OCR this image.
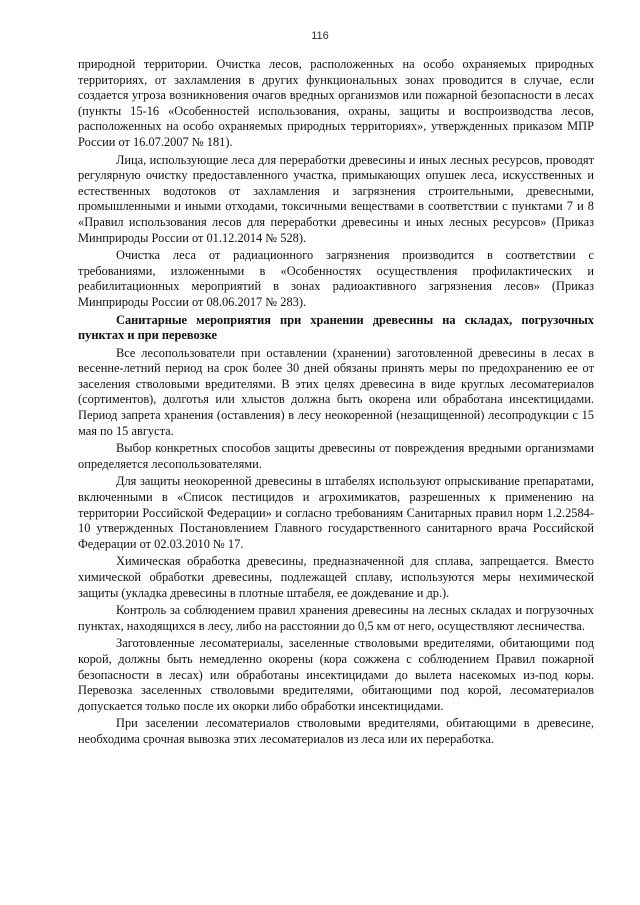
116

природной территории. Очистка лесов, расположенных на особо охраняемых природных территориях, от захламления в других функциональных зонах проводится в случае, если создается угроза возникновения очагов вредных организмов или пожарной безопасности в лесах (пункты 15-16 «Особенностей использования, охраны, защиты и воспроизводства лесов, расположенных на особо охраняемых природных территориях», утвержденных приказом МПР России от 16.07.2007 № 181).

Лица, использующие леса для переработки древесины и иных лесных ресурсов, проводят регулярную очистку предоставленного участка, примыкающих опушек леса, искусственных и естественных водотоков от захламления и загрязнения строительными, древесными, промышленными и иными отходами, токсичными веществами в соответствии с пунктами 7 и 8 «Правил использования лесов для переработки древесины и иных лесных ресурсов» (Приказ Минприроды России от 01.12.2014 № 528).

Очистка леса от радиационного загрязнения производится в соответствии с требованиями, изложенными в «Особенностях осуществления профилактических и реабилитационных мероприятий в зонах радиоактивного загрязнения лесов» (Приказ Минприроды России от 08.06.2017 № 283).

Санитарные мероприятия при хранении древесины на складах, погрузочных пунктах и при перевозке

Все лесопользователи при оставлении (хранении) заготовленной древесины в лесах в весенне-летний период на срок более 30 дней обязаны принять меры по предохранению ее от заселения стволовыми вредителями. В этих целях древесина в виде круглых лесоматериалов (сортиментов), долготья или хлыстов должна быть окорена или обработана инсектицидами. Период запрета хранения (оставления) в лесу неокоренной (незащищенной) лесопродукции с 15 мая по 15 августа.

Выбор конкретных способов защиты древесины от повреждения вредными организмами определяется лесопользователями.

Для защиты неокоренной древесины в штабелях используют опрыскивание препаратами, включенными в «Список пестицидов и агрохимикатов, разрешенных к применению на территории Российской Федерации» и согласно требованиям Санитарных правил норм 1.2.2584-10 утвержденных Постановлением Главного государственного санитарного врача Российской Федерации от 02.03.2010 № 17.

Химическая обработка древесины, предназначенной для сплава, запрещается. Вместо химической обработки древесины, подлежащей сплаву, используются меры нехимической защиты (укладка древесины в плотные штабеля, ее дождевание и др.).

Контроль за соблюдением правил хранения древесины на лесных складах и погрузочных пунктах, находящихся в лесу, либо на расстоянии до 0,5 км от него, осуществляют лесничества.

Заготовленные лесоматериалы, заселенные стволовыми вредителями, обитающими под корой, должны быть немедленно окорены (кора сожжена с соблюдением Правил пожарной безопасности в лесах) или обработаны инсектицидами до вылета насекомых из-под коры. Перевозка заселенных стволовыми вредителями, обитающими под корой, лесоматериалов допускается только после их окорки либо обработки инсектицидами.

При заселении лесоматериалов стволовыми вредителями, обитающими в древесине, необходима срочная вывозка этих лесоматериалов из леса или их переработка.
